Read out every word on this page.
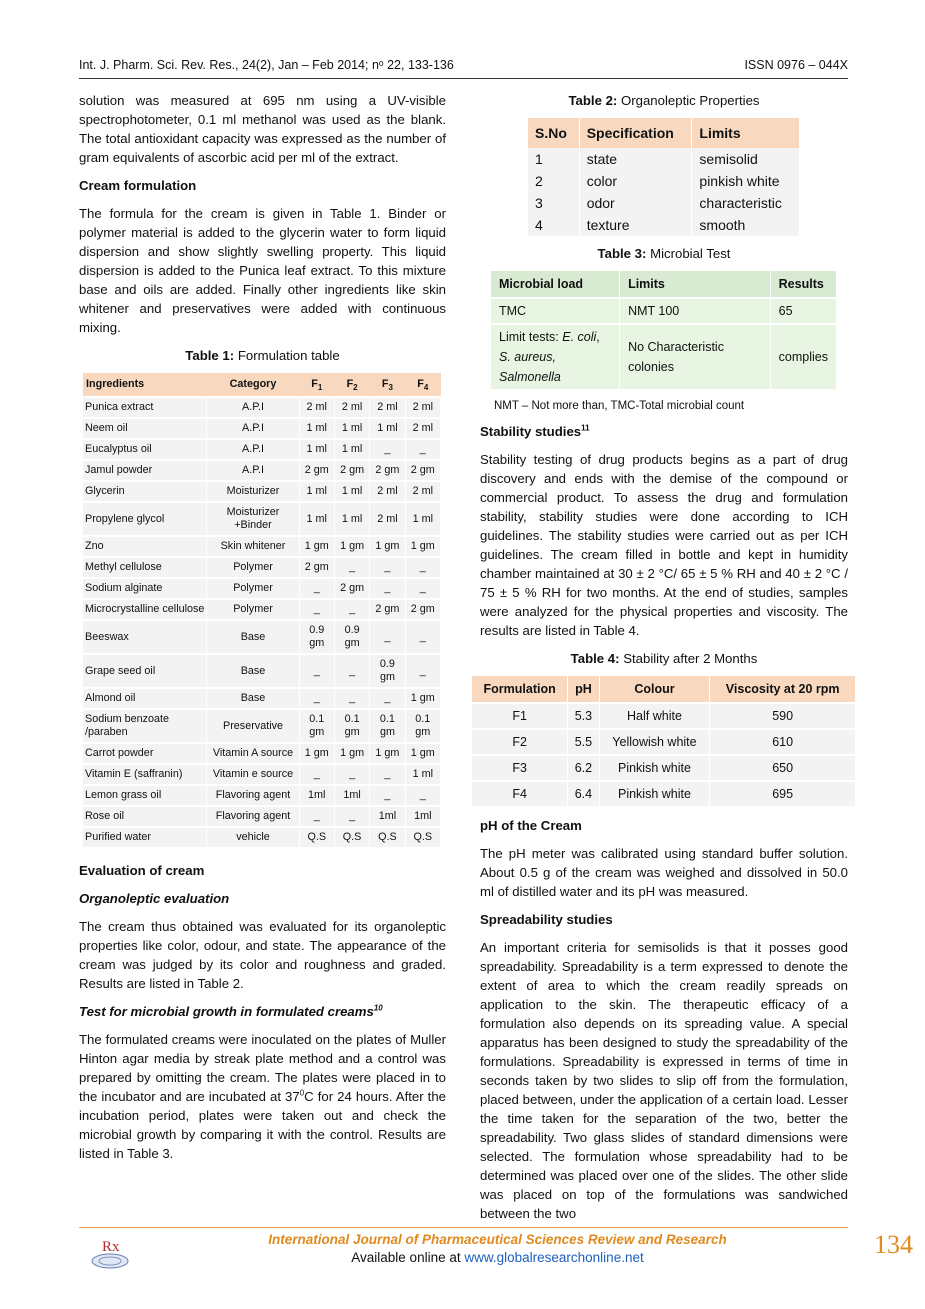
Int. J. Pharm. Sci. Rev. Res., 24(2), Jan – Feb 2014; nᵒ 22, 133-136	ISSN 0976 – 044X

solution was measured at 695 nm using a UV-visible spectrophotometer, 0.1 ml methanol was used as the blank. The total antioxidant capacity was expressed as the number of gram equivalents of ascorbic acid per ml of the extract.

Cream formulation

The formula for the cream is given in Table 1. Binder or polymer material is added to the glycerin water to form liquid dispersion and show slightly swelling property. This liquid dispersion is added to the Punica leaf extract. To this mixture base and oils are added. Finally other ingredients like skin whitener and preservatives were added with continuous mixing.

Table 1: Formulation table
Ingredients	Category	$F_1$	$F_2$	$F_3$	$F_4$
Punica extract	A.P.I	2 ml	2 ml	2 ml	2 ml
Neem oil	A.P.I	1 ml	1 ml	1 ml	2 ml
Eucalyptus oil	A.P.I	1 ml	1 ml	_	_
Jamul powder	A.P.I	2 gm	2 gm	2 gm	2 gm
Glycerin	Moisturizer	1 ml	1 ml	2 ml	2 ml
Propylene glycol	Moisturizer +Binder	1 ml	1 ml	2 ml	1 ml
Zno	Skin whitener	1 gm	1 gm	1 gm	1 gm
Methyl cellulose	Polymer	2 gm	_	_	_
Sodium alginate	Polymer	_	2 gm	_	_
Microcrystalline cellulose	Polymer	_	_	2 gm	2 gm
Beeswax	Base	0.9 gm	0.9 gm	_	_
Grape seed oil	Base	_	_	0.9 gm	_
Almond oil	Base	_	_	_	1 gm
Sodium benzoate /paraben	Preservative	0.1 gm	0.1 gm	0.1 gm	0.1 gm
Carrot powder	Vitamin A source	1 gm	1 gm	1 gm	1 gm
Vitamin E (saffranin)	Vitamin e source	_	_	_	1 ml
Lemon grass oil	Flavoring agent	1ml	1ml	_	_
Rose oil	Flavoring agent	_	_	1ml	1ml
Purified water	vehicle	Q.S	Q.S	Q.S	Q.S
Evaluation of cream
Organoleptic evaluation

The cream thus obtained was evaluated for its organoleptic properties like color, odour, and state. The appearance of the cream was judged by its color and roughness and graded. Results are listed in Table 2.

Test for microbial growth in formulated creams$^{10}$

The formulated creams were inoculated on the plates of Muller Hinton agar media by streak plate method and a control was prepared by omitting the cream. The plates were placed in to the incubator and are incubated at $37^0C$ for 24 hours. After the incubation period, plates were taken out and check the microbial growth by comparing it with the control. Results are listed in Table 3.

Table 2: Organoleptic Properties
S.No	Specification	Limits
1	state	semisolid
2	color	pinkish white
3	odor	characteristic
4	texture	smooth
Table 3: Microbial Test
Microbial load	Limits	Results
TMC	NMT 100	65
Limit tests: E. coli,
S. aureus, Salmonella	No Characteristic colonies	complies
NMT – Not more than, TMC-Total microbial count
Stability studies$^{11}$

Stability testing of drug products begins as a part of drug discovery and ends with the demise of the compound or commercial product. To assess the drug and formulation stability, stability studies were done according to ICH guidelines. The stability studies were carried out as per ICH guidelines. The cream filled in bottle and kept in humidity chamber maintained at 30 ± 2 °C/ 65 ± 5 % RH and 40 ± 2 °C / 75 ± 5 % RH for two months. At the end of studies, samples were analyzed for the physical properties and viscosity. The results are listed in Table 4.

Table 4: Stability after 2 Months
Formulation	pH	Colour	Viscosity at 20 rpm
F1	5.3	Half white	590
F2	5.5	Yellowish white	610
F3	6.2	Pinkish white	650
F4	6.4	Pinkish white	695
pH of the Cream

The pH meter was calibrated using standard buffer solution. About 0.5 g of the cream was weighed and dissolved in 50.0 ml of distilled water and its pH was measured.

Spreadability studies

An important criteria for semisolids is that it posses good spreadability. Spreadability is a term expressed to denote the extent of area to which the cream readily spreads on application to the skin. The therapeutic efficacy of a formulation also depends on its spreading value. A special apparatus has been designed to study the spreadability of the formulations. Spreadability is expressed in terms of time in seconds taken by two slides to slip off from the formulation, placed between, under the application of a certain load. Lesser the time taken for the separation of the two, better the spreadability. Two glass slides of standard dimensions were selected. The formulation whose spreadability had to be determined was placed over one of the slides. The other slide was placed on top of the formulations was sandwiched between the two

Rx	International Journal of Pharmaceutical Sciences Review and Research
Available online at www.globalresearchonline.net	134
